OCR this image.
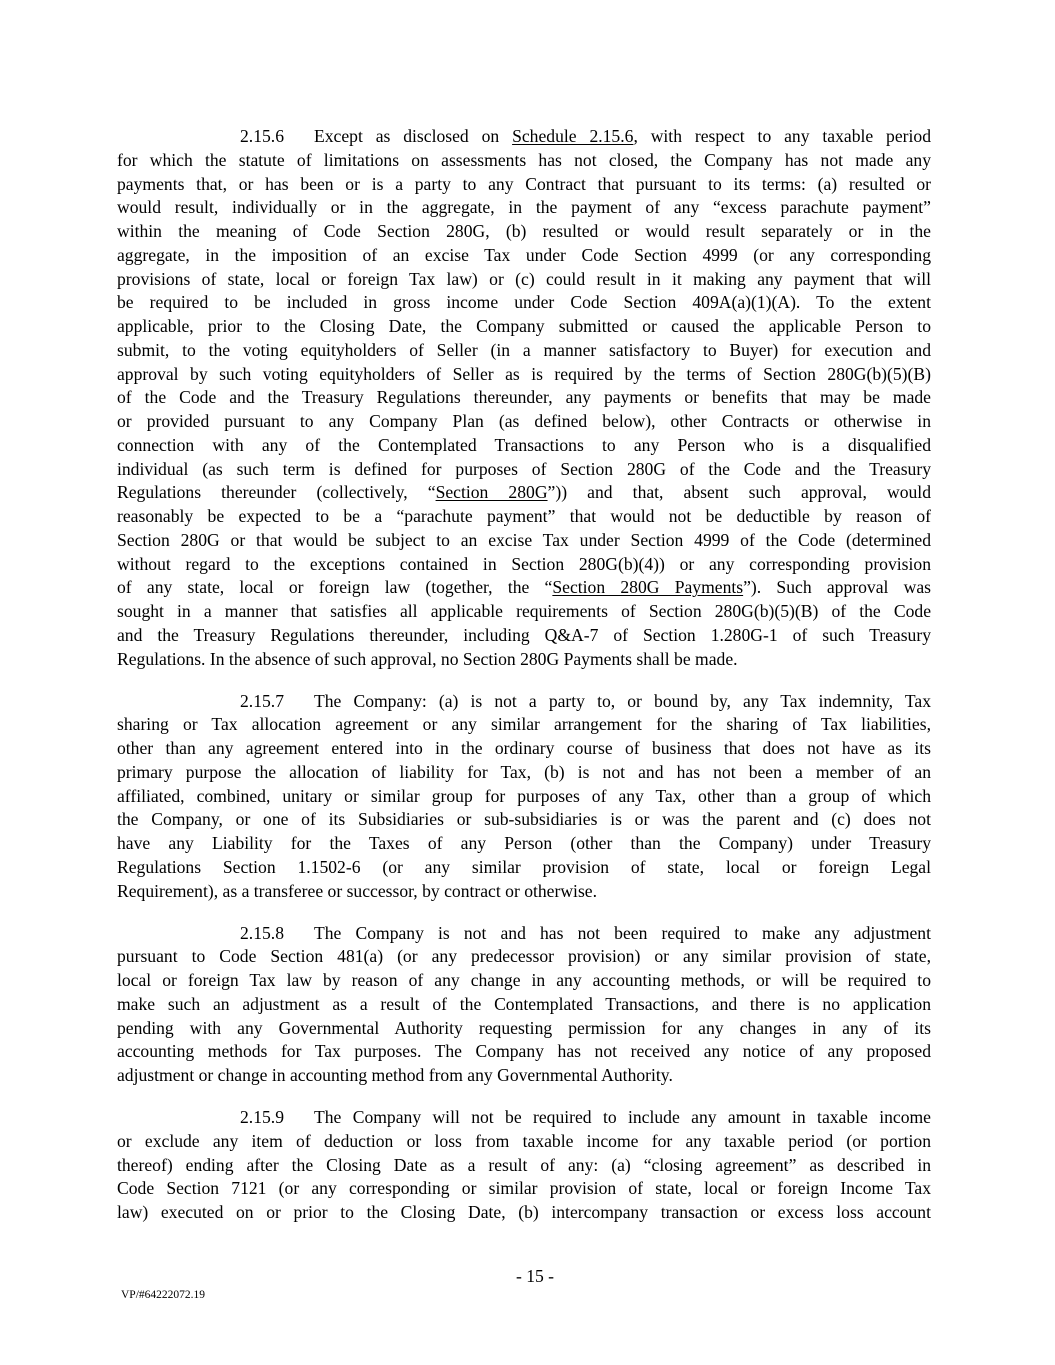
2.15.6 Except as disclosed on Schedule 2.15.6, with respect to any taxable period
for which the statute of limitations on assessments has not closed, the Company has not made any
payments that, or has been or is a party to any Contract that pursuant to its terms: (a) resulted or
would result, individually or in the aggregate, in the payment of any “excess parachute payment”
within the meaning of Code Section 280G, (b) resulted or would result separately or in the
aggregate, in the imposition of an excise Tax under Code Section 4999 (or any corresponding
provisions of state, local or foreign Tax law) or (c) could result in it making any payment that will
be required to be included in gross income under Code Section 409A(a)(1)(A). To the extent
applicable, prior to the Closing Date, the Company submitted or caused the applicable Person to
submit, to the voting equityholders of Seller (in a manner satisfactory to Buyer) for execution and
approval by such voting equityholders of Seller as is required by the terms of Section 280G(b)(5)(B)
of the Code and the Treasury Regulations thereunder, any payments or benefits that may be made
or provided pursuant to any Company Plan (as defined below), other Contracts or otherwise in
connection with any of the Contemplated Transactions to any Person who is a disqualified
individual (as such term is defined for purposes of Section 280G of the Code and the Treasury
Regulations thereunder (collectively, “Section 280G”)) and that, absent such approval, would
reasonably be expected to be a “parachute payment” that would not be deductible by reason of
Section 280G or that would be subject to an excise Tax under Section 4999 of the Code (determined
without regard to the exceptions contained in Section 280G(b)(4)) or any corresponding provision
of any state, local or foreign law (together, the “Section 280G Payments”). Such approval was
sought in a manner that satisfies all applicable requirements of Section 280G(b)(5)(B) of the Code
and the Treasury Regulations thereunder, including Q&A-7 of Section 1.280G-1 of such Treasury
Regulations. In the absence of such approval, no Section 280G Payments shall be made.
2.15.7 The Company: (a) is not a party to, or bound by, any Tax indemnity, Tax
sharing or Tax allocation agreement or any similar arrangement for the sharing of Tax liabilities,
other than any agreement entered into in the ordinary course of business that does not have as its
primary purpose the allocation of liability for Tax, (b) is not and has not been a member of an
affiliated, combined, unitary or similar group for purposes of any Tax, other than a group of which
the Company, or one of its Subsidiaries or sub-subsidiaries is or was the parent and (c) does not
have any Liability for the Taxes of any Person (other than the Company) under Treasury
Regulations Section 1.1502-6 (or any similar provision of state, local or foreign Legal
Requirement), as a transferee or successor, by contract or otherwise.
2.15.8 The Company is not and has not been required to make any adjustment
pursuant to Code Section 481(a) (or any predecessor provision) or any similar provision of state,
local or foreign Tax law by reason of any change in any accounting methods, or will be required to
make such an adjustment as a result of the Contemplated Transactions, and there is no application
pending with any Governmental Authority requesting permission for any changes in any of its
accounting methods for Tax purposes. The Company has not received any notice of any proposed
adjustment or change in accounting method from any Governmental Authority.
2.15.9 The Company will not be required to include any amount in taxable income
or exclude any item of deduction or loss from taxable income for any taxable period (or portion
thereof) ending after the Closing Date as a result of any: (a) “closing agreement” as described in
Code Section 7121 (or any corresponding or similar provision of state, local or foreign Income Tax
law) executed on or prior to the Closing Date, (b) intercompany transaction or excess loss account
- 15 -
VP/#64222072.19
